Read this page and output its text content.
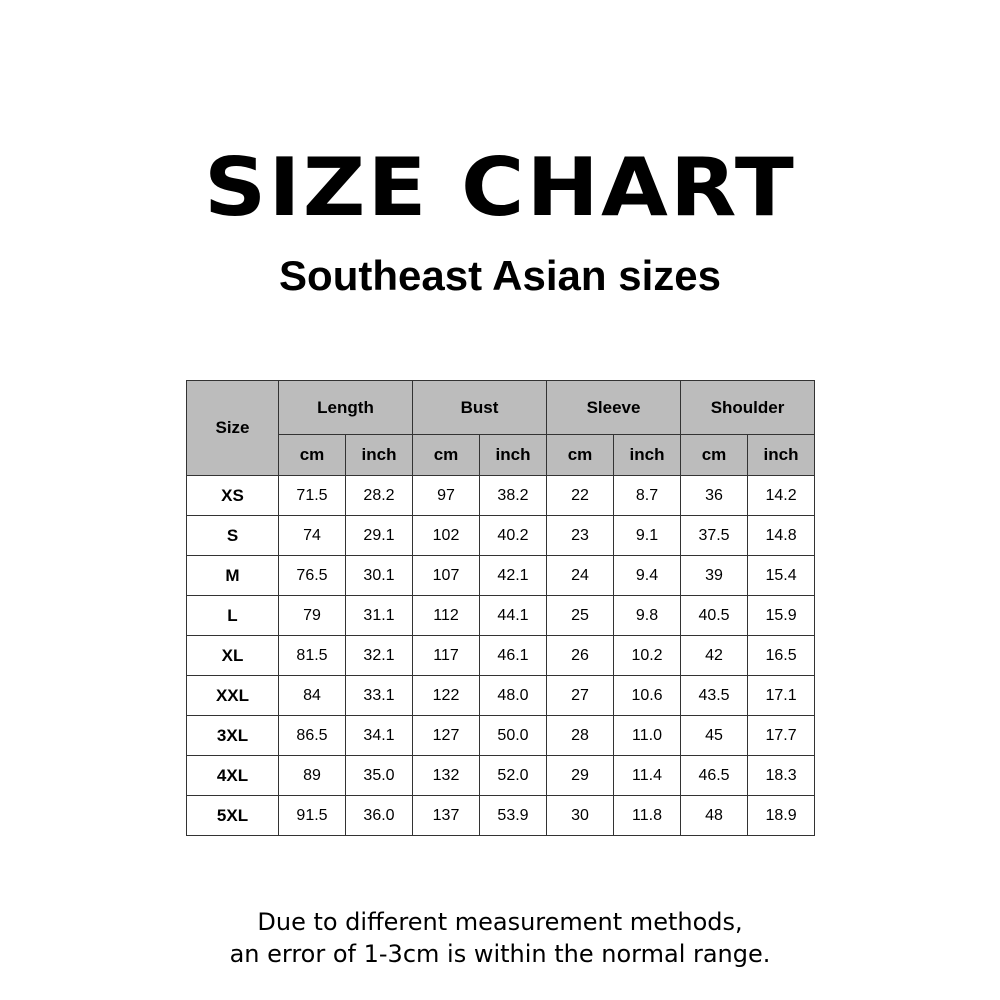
SIZE CHART
Southeast Asian sizes
Size	Length		Bust		Sleeve		Shoulder	
	cm	inch	cm	inch	cm	inch	cm	inch
XS	71.5	28.2	97	38.2	22	8.7	36	14.2
S	74	29.1	102	40.2	23	9.1	37.5	14.8
M	76.5	30.1	107	42.1	24	9.4	39	15.4
L	79	31.1	112	44.1	25	9.8	40.5	15.9
XL	81.5	32.1	117	46.1	26	10.2	42	16.5
XXL	84	33.1	122	48.0	27	10.6	43.5	17.1
3XL	86.5	34.1	127	50.0	28	11.0	45	17.7
4XL	89	35.0	132	52.0	29	11.4	46.5	18.3
5XL	91.5	36.0	137	53.9	30	11.8	48	18.9

Due to different measurement methods,
an error of 1-3cm is within the normal range.
